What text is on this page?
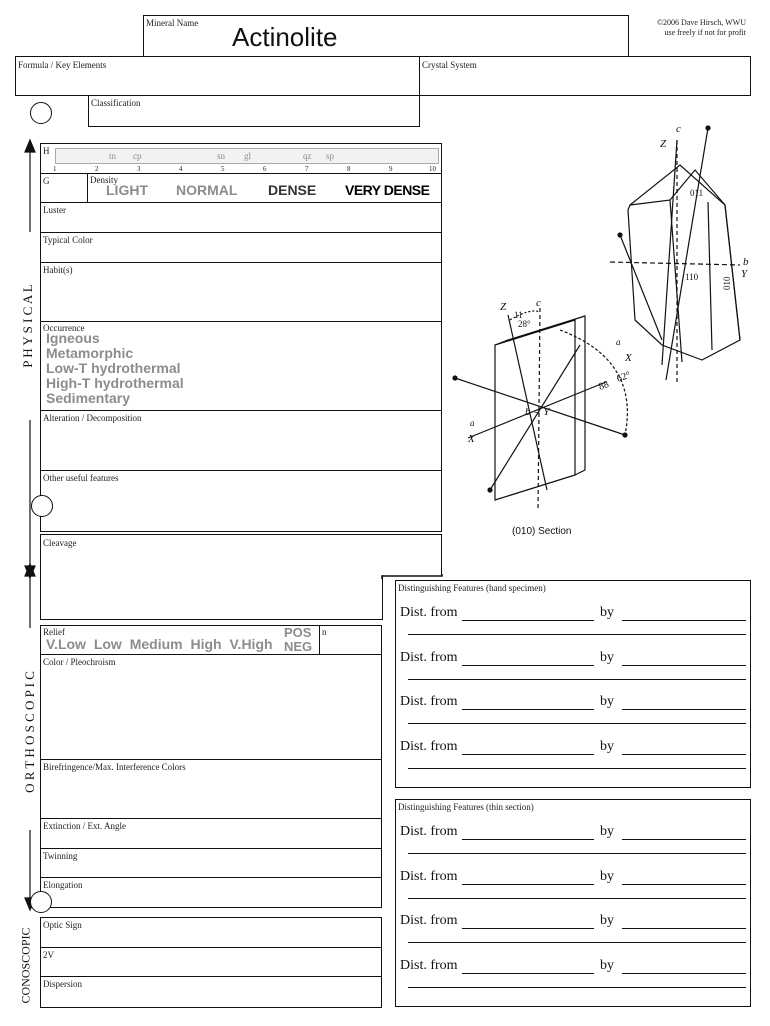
Mineral Name Actinolite	©2006 Dave Hirsch, WWU
use freely if not for profit
Formula / Key Elements	Crystal System
Classification
P H Y S I C A L
O R T H O S C O P I C
CONOSCOPIC
H	tn cp	sn gl	qz sp
1	2	3	4	5	6	7	8	9	10
G	Density
LIGHT NORMAL DENSE VERY DENSE
Luster
Typical Color
Habit(s)
Occurrence
Igneous
Metamorphic
Low-T hydrothermal
High-T hydrothermal
Sedimentary
Alteration / Decomposition
Other useful features
Cleavage
Relief
V.Low Low Medium High V.High
POS
NEG
n
Color / Pleochroism
Birefringence/Max. Interference Colors
Extinction / Ext. Angle
Twinning
Elongation
Optic Sign
2V
Dispersion
Z
c
011
110	010
b
Y
X
a
Z	c
11
28°
88
62°
a
X
b = Y
(010) Section
Distinguishing Features (hand specimen)
Dist. from	by
Dist. from	by
Dist. from	by
Dist. from	by
Distinguishing Features (thin section)
Dist. from	by
Dist. from	by
Dist. from	by
Dist. from	by
